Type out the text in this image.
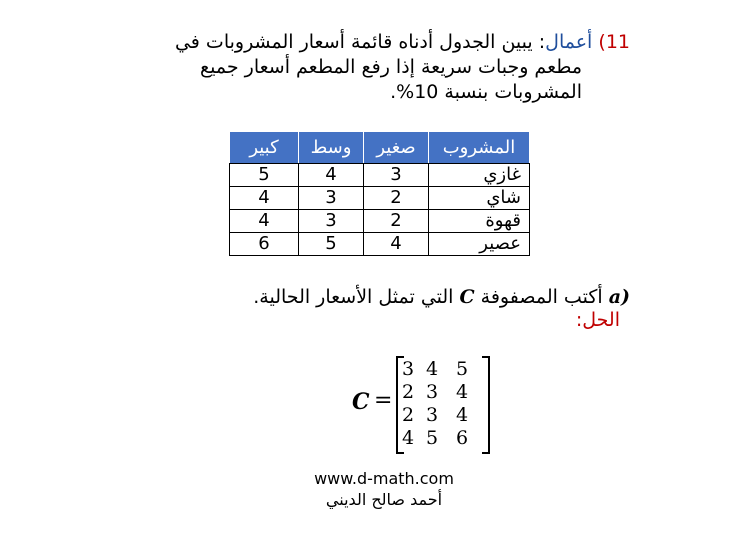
11) أعمال: يبين الجدول أدناه قائمة أسعار المشروبات في
مطعم وجبات سريعة إذا رفع المطعم أسعار جميع
المشروبات بنسبة 10%.
المشروب	صغير	وسط	كبير
غازي	3	4	5
شاي	2	3	4
قهوة	2	3	4
عصير	4	5	6
(a أكتب المصفوفة C التي تمثل الأسعار الحالية.
الحل:
C =
3 4 5
2 3 4
2 3 4
4 5 6
www.d-math.com
أحمد صالح الديني
